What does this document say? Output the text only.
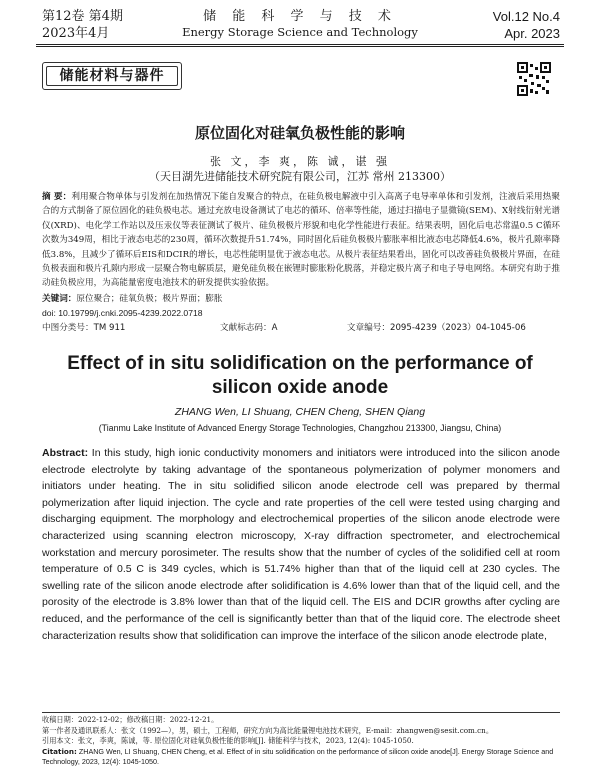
第12卷 第4期
2023年4月
储 能 科 学 与 技 术
Energy Storage Science and Technology
Vol.12 No.4
Apr. 2023
储能材料与器件
原位固化对硅氧负极性能的影响
张 文，李 爽，陈 诚，谌 强
（天目湖先进储能技术研究院有限公司，江苏 常州 213300）
摘 要：利用聚合物单体与引发剂在加热情况下能自发聚合的特点，在硅负极电解液中引入高离子电导率单体和引发剂，注液后采用热聚合的方式制备了原位固化的硅负极电芯。通过充放电设备测试了电芯的循环、倍率等性能，通过扫描电子显微镜(SEM)、X射线衍射光谱仪(XRD)、电化学工作站以及压汞仪等表征测试了极片、硅负极极片形貌和电化学性能进行表征。结果表明，固化后电芯常温0.5 C循环次数为349周，相比于液态电芯的230周，循环次数提升51.74%，同时固化后硅负极极片膨胀率相比液态电芯降低4.6%，极片孔隙率降低3.8%，且减少了循环后EIS和DCIR的增长，电芯性能明显优于液态电芯。从极片表征结果看出，固化可以改善硅负极极片界面，在硅负极表面和极片孔隙内形成一层聚合物电解质层，避免硅负极在嵌锂时膨胀粉化脱落，并稳定极片离子和电子导电网络。本研究有助于推动硅负极应用，为高能量密度电池技术的研发提供实验依据。
关键词：原位聚合；硅氧负极；极片界面；膨胀
doi: 10.19799/j.cnki.2095-4239.2022.0718
中图分类号：TM 911	文献标志码：A	文章编号：2095-4239（2023）04-1045-06
Effect of in situ solidification on the performance of
silicon oxide anode
ZHANG Wen, LI Shuang, CHEN Cheng, SHEN Qiang
(Tianmu Lake Institute of Advanced Energy Storage Technologies, Changzhou 213300, Jiangsu, China)
Abstract: In this study, high ionic conductivity monomers and initiators were introduced into the silicon anode electrode electrolyte by taking advantage of the spontaneous polymerization of polymer monomers and initiators under heating. The in situ solidified silicon anode electrode cell was prepared by thermal polymerization after liquid injection. The cycle and rate properties of the cell were tested using charging and discharging equipment. The morphology and electrochemical properties of the silicon anode electrode were characterized using scanning electron microscopy, X-ray diffraction spectrometer, and electrochemical workstation and mercury porosimeter. The results show that the number of cycles of the solidified cell at room temperature of 0.5 C is 349 cycles, which is 51.74% higher than that of the liquid cell at 230 cycles. The swelling rate of the silicon anode electrode after solidification is 4.6% lower than that of the liquid cell, and the porosity of the electrode is 3.8% lower than that of the liquid cell. The EIS and DCIR growths after cycling are reduced, and the performance of the cell is significantly better than that of the liquid core. The electrode sheet characterization results show that solidification can improve the interface of the silicon anode electrode plate,
收稿日期：2022-12-02；修改稿日期：2022-12-21。
第一作者及通讯联系人：张文（1992—），男，硕士，工程师，研究方向为高比能量锂电池技术研究，E-mail：zhangwen@sesit.com.cn。
引用本文：张文，李爽，陈诚，等. 原位固化对硅氧负极性能的影响[J]. 储能科学与技术，2023, 12(4): 1045-1050.
Citation: ZHANG Wen, LI Shuang, CHEN Cheng, et al. Effect of in situ solidification on the performance of silicon oxide anode[J]. Energy Storage Science and Technology, 2023, 12(4): 1045-1050.
